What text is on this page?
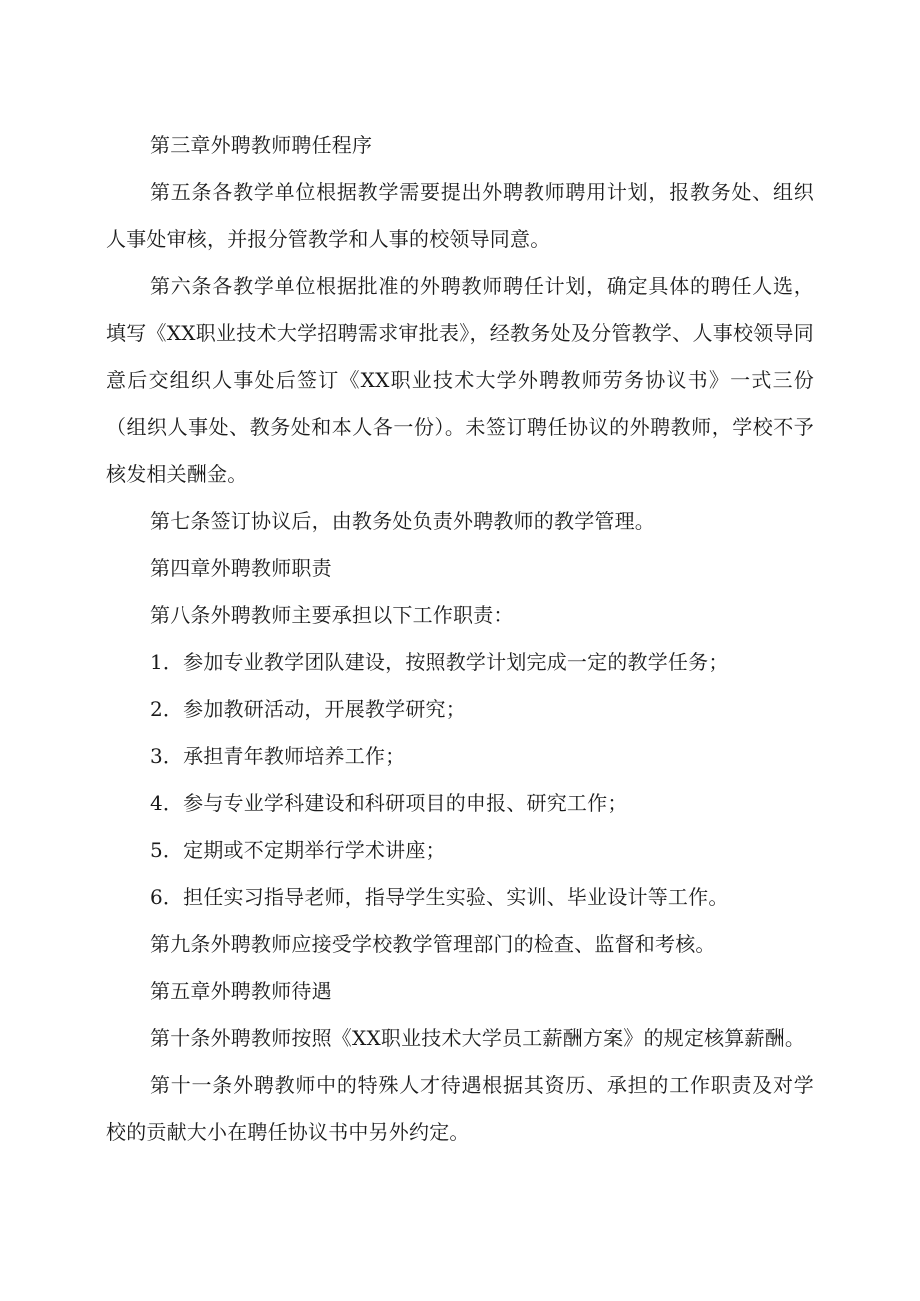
第三章外聘教师聘任程序

第五条各教学单位根据教学需要提出外聘教师聘用计划，报教务处、组织人事处审核，并报分管教学和人事的校领导同意。

第六条各教学单位根据批准的外聘教师聘任计划，确定具体的聘任人选，填写《XX职业技术大学招聘需求审批表》，经教务处及分管教学、人事校领导同意后交组织人事处后签订《XX职业技术大学外聘教师劳务协议书》一式三份（组织人事处、教务处和本人各一份）。未签订聘任协议的外聘教师，学校不予核发相关酬金。

第七条签订协议后，由教务处负责外聘教师的教学管理。

第四章外聘教师职责

第八条外聘教师主要承担以下工作职责：

1．参加专业教学团队建设，按照教学计划完成一定的教学任务；

2．参加教研活动，开展教学研究；

3．承担青年教师培养工作；

4．参与专业学科建设和科研项目的申报、研究工作；

5．定期或不定期举行学术讲座；

6．担任实习指导老师，指导学生实验、实训、毕业设计等工作。

第九条外聘教师应接受学校教学管理部门的检查、监督和考核。

第五章外聘教师待遇

第十条外聘教师按照《XX职业技术大学员工薪酬方案》的规定核算薪酬。

第十一条外聘教师中的特殊人才待遇根据其资历、承担的工作职责及对学校的贡献大小在聘任协议书中另外约定。
